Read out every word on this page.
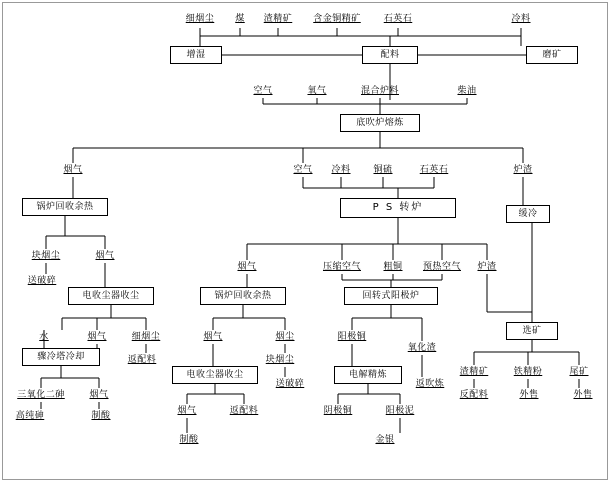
细烟尘 煤 渣精矿 含金铜精矿	石英石	冷料
增湿	配料	磨矿
空气	氧气	混合炉料	柴油
底吹炉熔炼
烟气	空气 冷料	铜硫	石英石	炉渣
锅炉回收余热	P S 转炉
缓冷
块烟尘	烟气
烟气	压缩空气 粗铜 预热空气 炉渣
送破碎
电收尘器收尘	锅炉回收余热	回转式阳极炉
选矿
水	烟气	细烟尘	烟气	烟尘	阳极铜
氧化渣
骤冷塔冷却	返配料
电收尘器收尘
块烟尘
送破碎
电解精炼
返吹炼
渣精矿	铁精粉	尾矿
三氧化二砷	烟气	反配料	外售	外售
高纯砷	制酸	烟气	返配料	阴极铜	阳极泥
制酸	金银
